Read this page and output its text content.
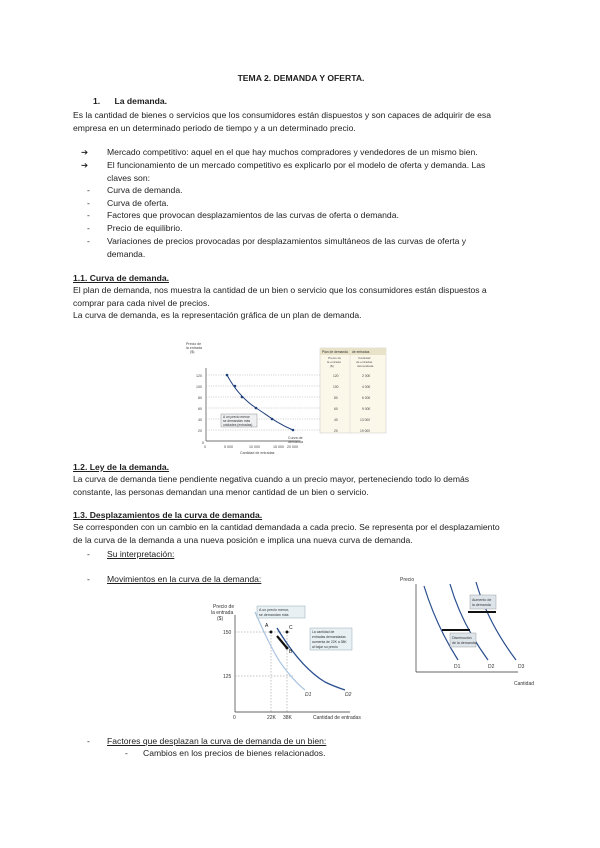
TEMA 2. DEMANDA Y OFERTA.
1. La demanda.
Es la cantidad de bienes o servicios que los consumidores están dispuestos y son capaces de adquirir de esa
empresa en un determinado periodo de tiempo y a un determinado precio.
➔	Mercado competitivo: aquel en el que hay muchos compradores y vendedores de un mismo bien.
➔	El funcionamiento de un mercado competitivo es explicarlo por el modelo de oferta y demanda. Las
claves son:
- Curva de demanda.
- Curva de oferta.
- Factores que provocan desplazamientos de las curvas de oferta o demanda.
- Precio de equilibrio.
- Variaciones de precios provocadas por desplazamientos simultáneos de las curvas de oferta y
demanda.
1.1. Curva de demanda.
El plan de demanda, nos muestra la cantidad de un bien o servicio que los consumidores están dispuestos a
comprar para cada nivel de precios.
La curva de demanda, es la representación gráfica de un plan de demanda.
1.2. Ley de la demanda.
La curva de demanda tiene pendiente negativa cuando a un precio mayor, perteneciendo todo lo demás
constante, las personas demandan una menor cantidad de un bien o servicio.
1.3. Desplazamientos de la curva de demanda.
Se corresponden con un cambio en la cantidad demandada a cada precio. Se representa por el desplazamiento
de la curva de la demanda a una nueva posición e implica una nueva curva de demanda.
- Su interpretación:
- Movimientos en la curva de la demanda:
- Factores que desplazan la curva de demanda de un bien:
- Cambios en los precios de bienes relacionados.
Precio de
la entrada
($)
120
100
80
60
40
20
0
0	5 000	10 000	15 000 20 000
Cantidad de entradas
Curva de
demanda
A un precio menor
se demandan más
unidades (entradas)
Plan de demanda de entradas
Precio de
la entrada
($)
Cantidad
de entradas
demandada
120	2 000
100	4 000
80	6 000
60	9 000
40	13 000
20	19 000
Precio de
la entrada
($)
150
125
0	22K 38K	Cantidad de entradas
A
B
C
D1	D2
A un precio menor,
se demandan más
La cantidad de
entradas demandadas
aumenta de 22K a 38K
al bajar su precio
Precio
Cantidad
D1	D2	D3
Aumento de
la demanda
Disminución
de la demanda
